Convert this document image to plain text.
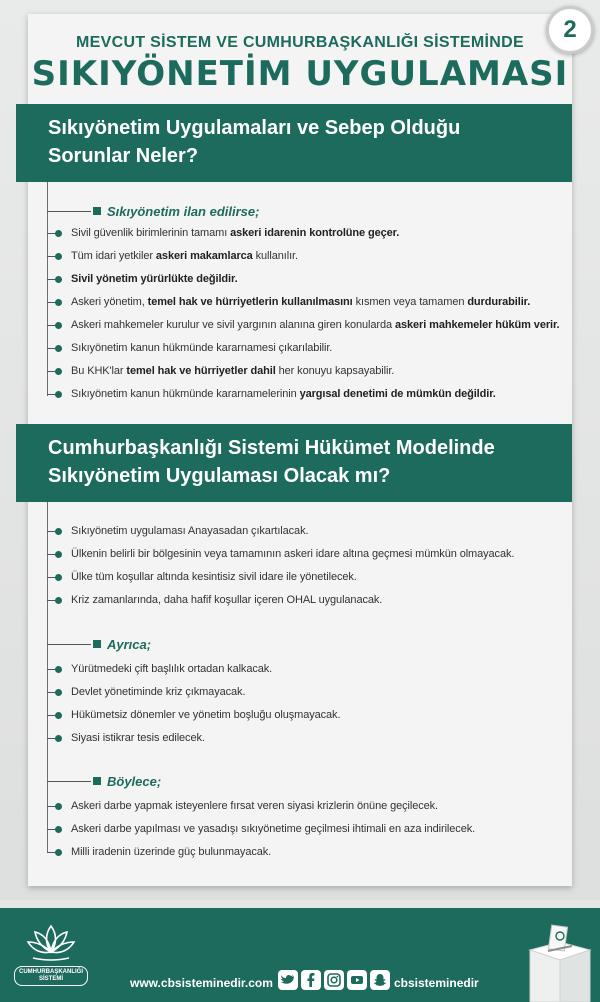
2
MEVCUT SİSTEM VE CUMHURBAŞKANLIĞI SİSTEMİNDE
SIKIYÖNETİM UYGULAMASI
Sıkıyönetim Uygulamaları ve Sebep Olduğu
Sorunlar Neler?
Sıkıyönetim ilan edilirse;
Sivil güvenlik birimlerinin tamamı askeri idarenin kontrolüne geçer.
Tüm idari yetkiler askeri makamlarca kullanılır.
Sivil yönetim yürürlükte değildir.
Askeri yönetim, temel hak ve hürriyetlerin kullanılmasını kısmen veya tamamen durdurabilir.
Askeri mahkemeler kurulur ve sivil yargının alanına giren konularda askeri mahkemeler hüküm verir.
Sıkıyönetim kanun hükmünde kararnamesi çıkarılabilir.
Bu KHK'lar temel hak ve hürriyetler dahil her konuyu kapsayabilir.
Sıkıyönetim kanun hükmünde kararnamelerinin yargısal denetimi de mümkün değildir.
Cumhurbaşkanlığı Sistemi Hükümet Modelinde
Sıkıyönetim Uygulaması Olacak mı?
Sıkıyönetim uygulaması Anayasadan çıkartılacak.
Ülkenin belirli bir bölgesinin veya tamamının askeri idare altına geçmesi mümkün olmayacak.
Ülke tüm koşullar altında kesintisiz sivil idare ile yönetilecek.
Kriz zamanlarında, daha hafif koşullar içeren OHAL uygulanacak.
Ayrıca;
Yürütmedeki çift başlılık ortadan kalkacak.
Devlet yönetiminde kriz çıkmayacak.
Hükümetsiz dönemler ve yönetim boşluğu oluşmayacak.
Siyasi istikrar tesis edilecek.
Böylece;
Askeri darbe yapmak isteyenlere fırsat veren siyasi krizlerin önüne geçilecek.
Askeri darbe yapılması ve yasadışı sıkıyönetime geçilmesi ihtimali en aza indirilecek.
Milli iradenin üzerinde güç bulunmayacak.
CUMHURBAŞKANLIĞI
SİSTEMİ	www.cbsisteminedir.com	cbsisteminedir
